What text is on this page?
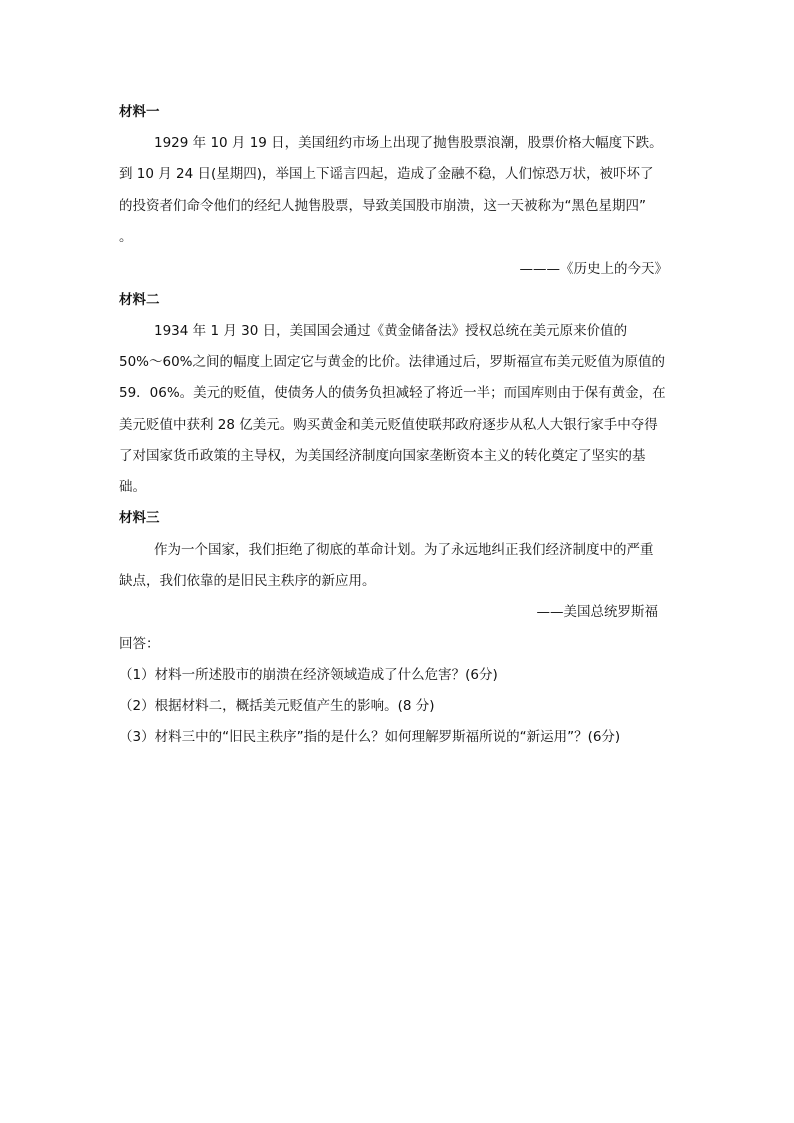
材料一
1929 年 10 月 19 日，美国纽约市场上出现了抛售股票浪潮，股票价格大幅度下跌。
到 10 月 24 日(星期四)，举国上下谣言四起，造成了金融不稳，人们惊恐万状，被吓坏了
的投资者们命令他们的经纪人抛售股票，导致美国股市崩溃，这一天被称为“黑色星期四”
。
———《历史上的今天》
材料二
1934 年 1 月 30 日，美国国会通过《黄金储备法》授权总统在美元原来价值的
50%～60%之间的幅度上固定它与黄金的比价。法律通过后，罗斯福宣布美元贬值为原值的
59．06%。美元的贬值，使债务人的债务负担减轻了将近一半；而国库则由于保有黄金，在
美元贬值中获利 28 亿美元。购买黄金和美元贬值使联邦政府逐步从私人大银行家手中夺得
了对国家货币政策的主导权，为美国经济制度向国家垄断资本主义的转化奠定了坚实的基
础。
材料三
作为一个国家，我们拒绝了彻底的革命计划。为了永远地纠正我们经济制度中的严重
缺点，我们依靠的是旧民主秩序的新应用。
——美国总统罗斯福
回答：
（1）材料一所述股市的崩溃在经济领域造成了什么危害？(6分)
（2）根据材料二，概括美元贬值产生的影响。(8 分)
（3）材料三中的“旧民主秩序”指的是什么？如何理解罗斯福所说的“新运用”？(6分)
